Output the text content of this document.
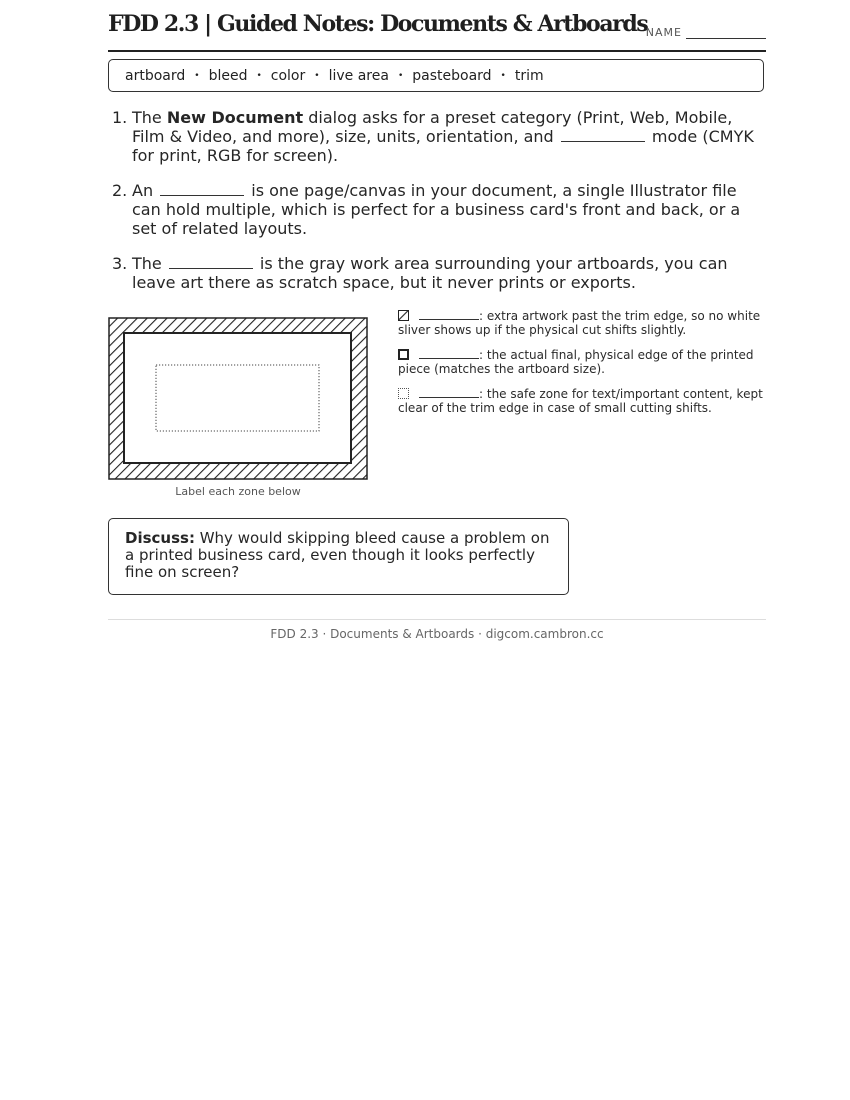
FDD 2.3 | Guided Notes: Documents & Artboards
NAME
artboard • bleed • color • live area • pasteboard • trim
1. The New Document dialog asks for a preset category (Print, Web, Mobile, Film & Video, and more), size, units, orientation, and	mode (CMYK for print, RGB for screen).
2. An	is one page/canvas in your document, a single Illustrator file can hold multiple, which is perfect for a business card's front and back, or a set of related layouts.
3. The	is the gray work area surrounding your artboards, you can leave art there as scratch space, but it never prints or exports.
Label each zone below
: extra artwork past the trim edge, so no white sliver shows up if the physical cut shifts slightly.
: the actual final, physical edge of the printed piece (matches the artboard size).
: the safe zone for text/important content, kept clear of the trim edge in case of small cutting shifts.
Discuss: Why would skipping bleed cause a problem on a printed business card, even though it looks perfectly fine on screen?
FDD 2.3 · Documents & Artboards · digcom.cambron.cc
